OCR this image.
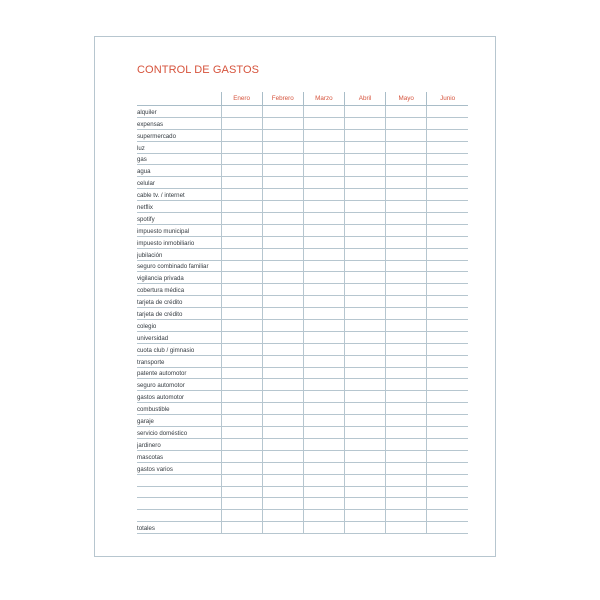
CONTROL DE GASTOS
	Enero	Febrero	Marzo	Abril	Mayo	Junio
alquiler						
expensas						
supermercado						
luz						
gas						
agua						
celular						
cable tv. / internet						
netflix						
spotify						
impuesto municipal						
impuesto inmobiliario						
jubilación						
seguro combinado familiar						
vigilancia privada						
cobertura médica						
tarjeta de crédito						
tarjeta de crédito						
colegio						
universidad						
cuota club / gimnasio						
transporte						
patente automotor						
seguro automotor						
gastos automotor						
combustible						
garaje						
servicio doméstico						
jardinero						
mascotas						
gastos varios						

totales						
